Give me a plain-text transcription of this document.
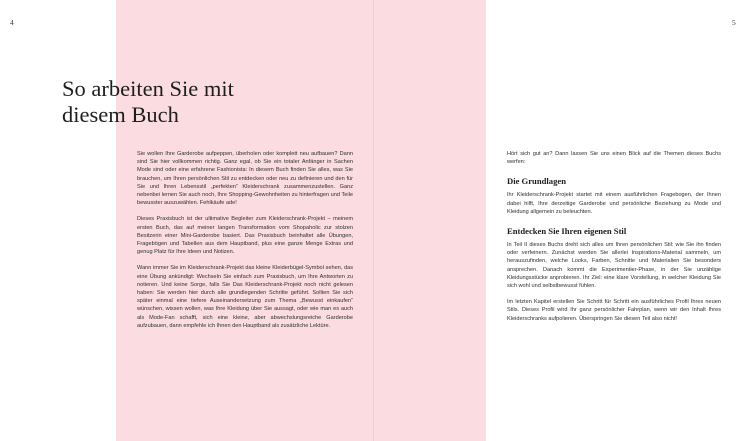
4	5
So arbeiten Sie mit
diesem Buch

Sie wollen Ihre Garderobe aufpeppen, überholen oder komplett neu aufbauen? Dann sind Sie hier vollkommen richtig. Ganz egal, ob Sie ein totaler Anfänger in Sachen Mode sind oder eine erfahrene Fashionista: In diesem Buch finden Sie alles, was Sie brauchen, um Ihren persönlichen Stil zu entdecken oder neu zu definieren und den für Sie und Ihren Lebensstil „perfekten“ Kleiderschrank zusammenzustellen. Ganz nebenbei lernen Sie auch noch, Ihre Shopping-Gewohnheiten zu hinterfragen und Teile bewusster auszuwählen. Fehlkäufe ade!

Dieses Praxisbuch ist der ultimative Begleiter zum Kleiderschrank-Projekt – meinem ersten Buch, das auf meiner langen Transformation vom Shopaholic zur stolzen Besitzerin einer Mini-Garderobe basiert. Das Praxisbuch beinhaltet alle Übungen, Fragebögen und Tabellen aus dem Hauptband, plus eine ganze Menge Extras und genug Platz für Ihre Ideen und Notizen.

Wann immer Sie im Kleiderschrank-Projekt das kleine Kleiderbügel-Symbol sehen, das eine Übung ankündigt: Wechseln Sie einfach zum Praxisbuch, um Ihre Antworten zu notieren. Und keine Sorge, falls Sie Das Kleiderschrank-Projekt noch nicht gelesen haben: Sie werden hier durch alle grundlegenden Schritte geführt. Sollten Sie sich später einmal eine tiefere Auseinandersetzung zum Thema „Bewusst einkaufen“ wünschen, wissen wollen, was Ihre Kleidung über Sie aussagt, oder wie man es auch als Mode-Fan schafft, sich eine kleine, aber abwechslungsreiche Garderobe aufzubauen, dann empfehle ich Ihnen den Hauptband als zusätzliche Lektüre.

Hört sich gut an? Dann lassen Sie uns einen Blick auf die Themen dieses Buchs werfen:

Die Grundlagen

Ihr Kleiderschrank-Projekt startet mit einem ausführlichen Fragebogen, der Ihnen dabei hilft, Ihre derzeitige Garderobe und persönliche Beziehung zu Mode und Kleidung allgemein zu beleuchten.

Entdecken Sie Ihren eigenen Stil

In Teil II dieses Buchs dreht sich alles um Ihren persönlichen Stil: wie Sie ihn finden oder verfeinern. Zunächst werden Sie allerlei Inspirations-Material sammeln, um herauszufinden, welche Looks, Farben, Schnitte und Materialien Sie besonders ansprechen. Danach kommt die Experimentier-Phase, in der Sie unzählige Kleidungsstücke anprobieren. Ihr Ziel: eine klare Vorstellung, in welcher Kleidung Sie sich wohl und selbstbewusst fühlen.

Im letzten Kapitel erstellen Sie Schritt für Schritt ein ausführliches Profil Ihres neuen Stils. Dieses Profil wird Ihr ganz persönlicher Fahrplan, wenn wir den Inhalt Ihres Kleiderschranks aufpolieren. Überspringen Sie diesen Teil also nicht!
